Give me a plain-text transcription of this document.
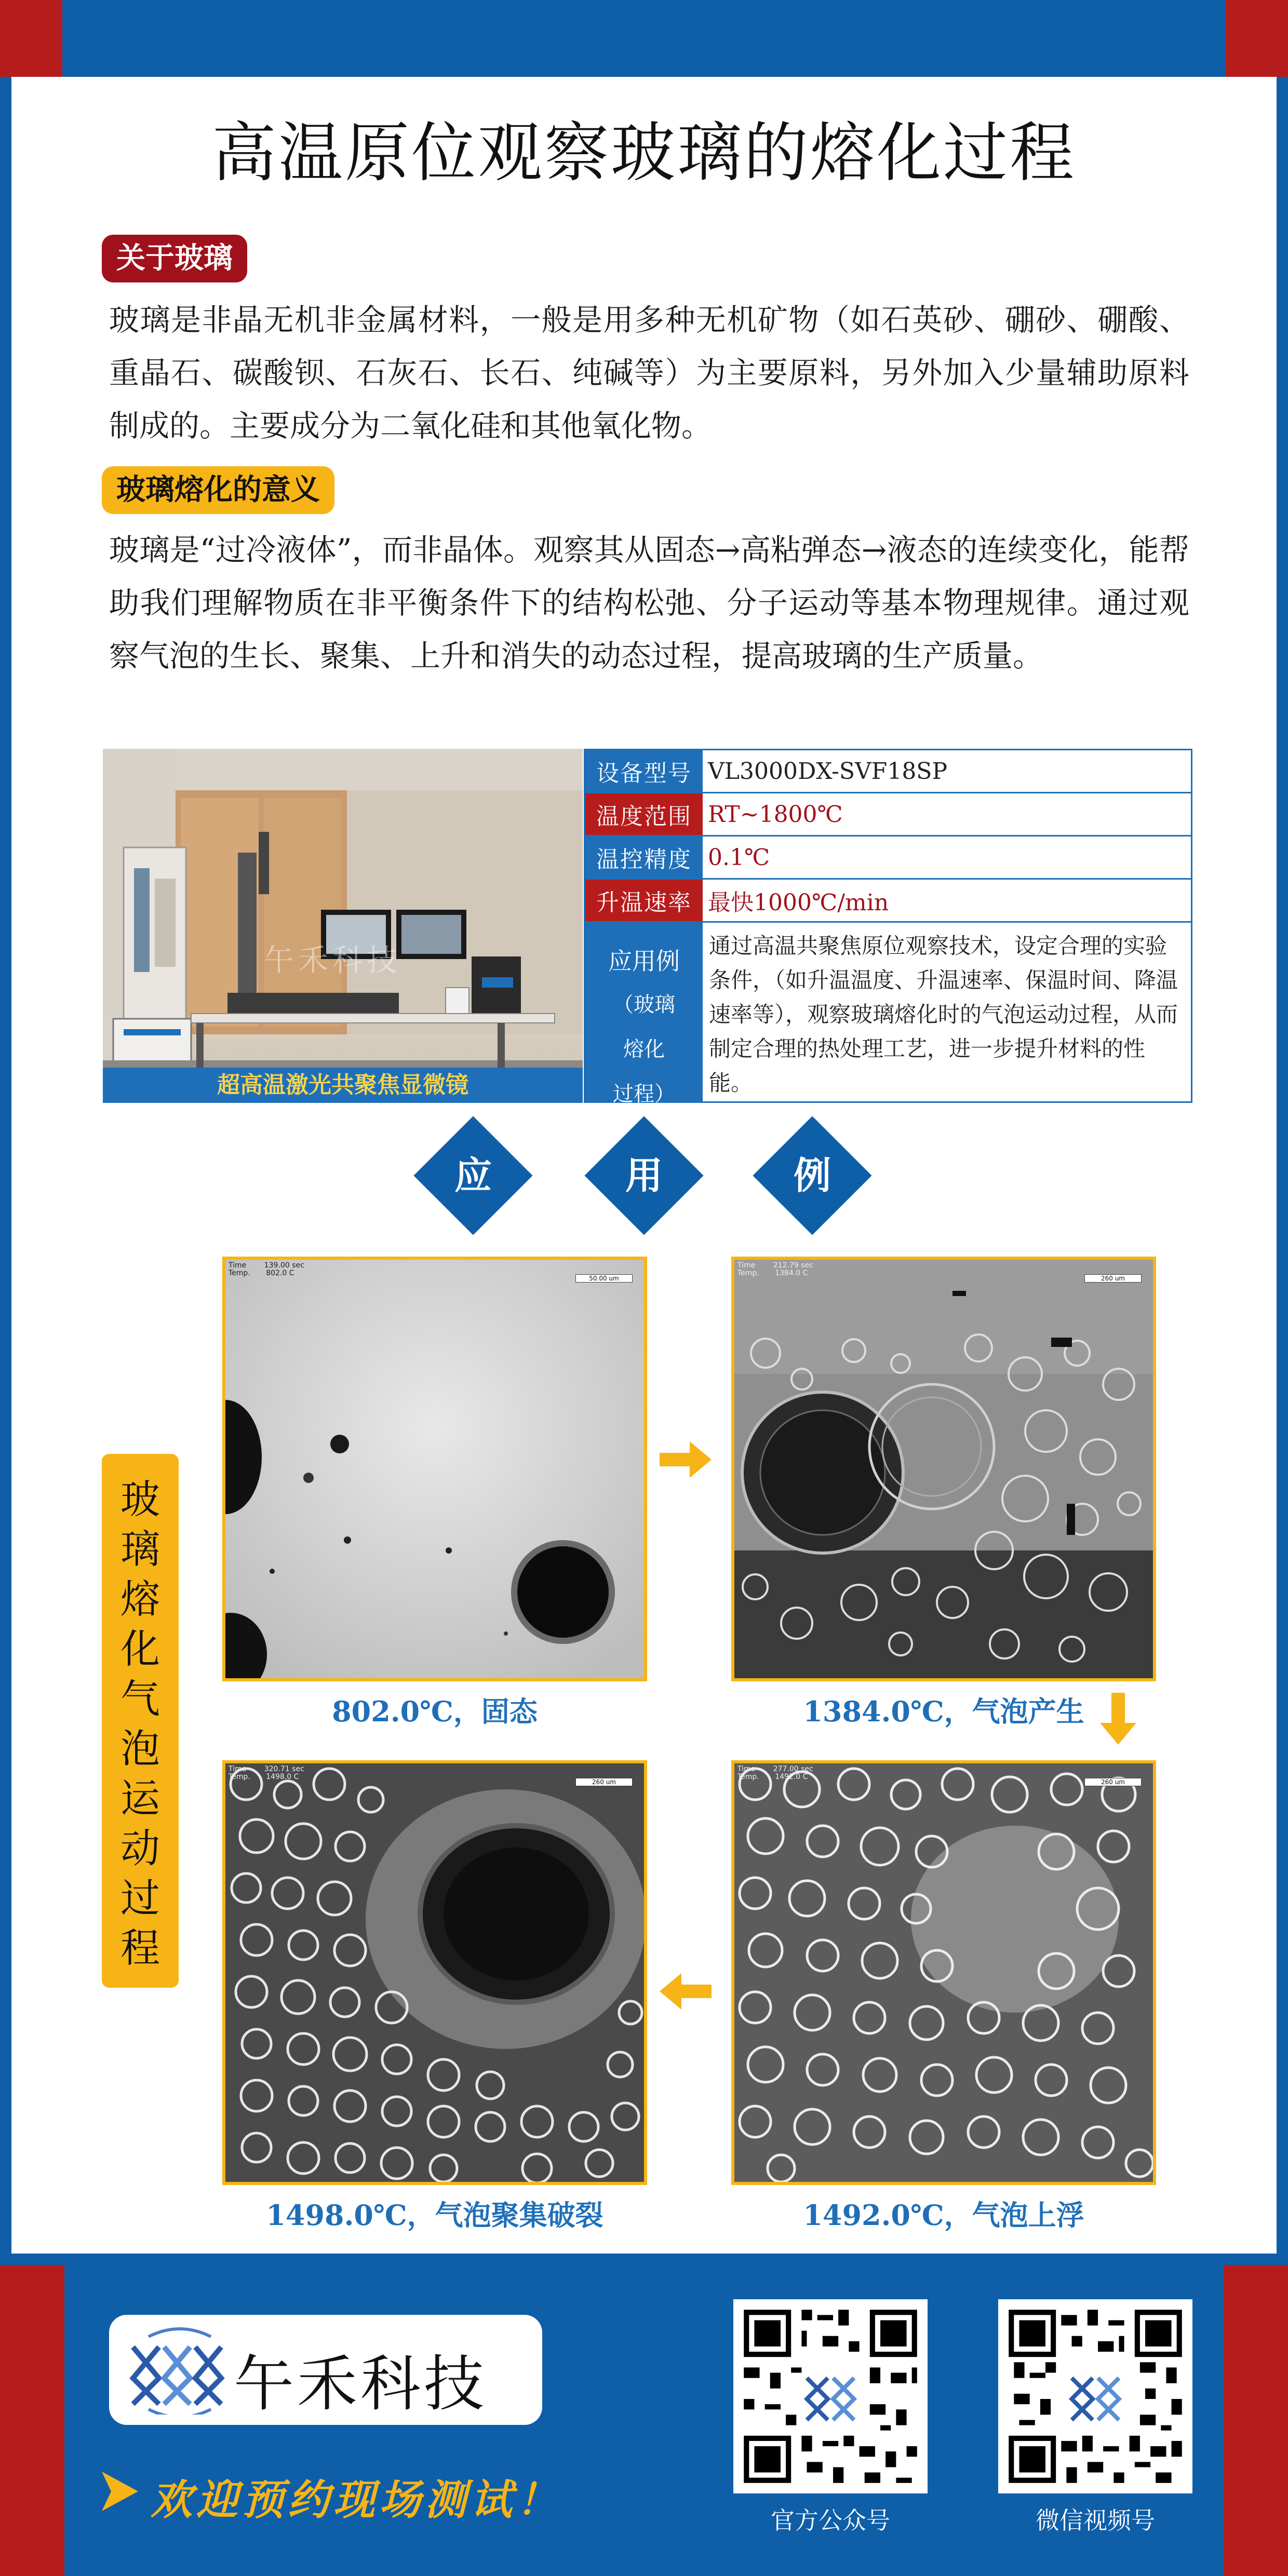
高温原位观察玻璃的熔化过程
关于玻璃
玻璃是非晶无机非金属材料，一般是用多种无机矿物（如石英砂、硼砂、硼酸、重晶石、碳酸钡、石灰石、长石、纯碱等）为主要原料，另外加入少量辅助原料制成的。主要成分为二氧化硅和其他氧化物。
玻璃熔化的意义
玻璃是“过冷液体”，而非晶体。观察其从固态→高粘弹态→液态的连续变化，能帮助我们理解物质在非平衡条件下的结构松弛、分子运动等基本物理规律。通过观察气泡的生长、聚集、上升和消失的动态过程，提高玻璃的生产质量。
午禾科技
超高温激光共聚焦显微镜
设备型号 VL3000DX-SVF18SP
温度范围 RT~1800℃
温控精度 0.1℃
升温速率 最快1000℃/min
应用例
（玻璃
熔化
过程）
通过高温共聚焦原位观察技术，设定合理的实验条件，（如升温温度、升温速率、保温时间、降温速率等），观察玻璃熔化时的气泡运动过程，从而制定合理的热处理工艺，进一步提升材料的性能。
应	用	例
玻
璃
熔
化
气
泡
运
动
过
程
Time 139.00 sec
Temp. 802.0 C
50.00 um
802.0℃，固态
Time 212.79 sec
Temp. 1384.0 C
260 um
1384.0℃，气泡产生
Time 320.71 sec
Temp. 1498.0 C
260 um
1498.0℃，气泡聚集破裂
Time 277.00 sec
Temp. 1492.0 C
260 um
1492.0℃，气泡上浮
午禾科技
欢迎预约现场测试！	官方公众号	微信视频号
